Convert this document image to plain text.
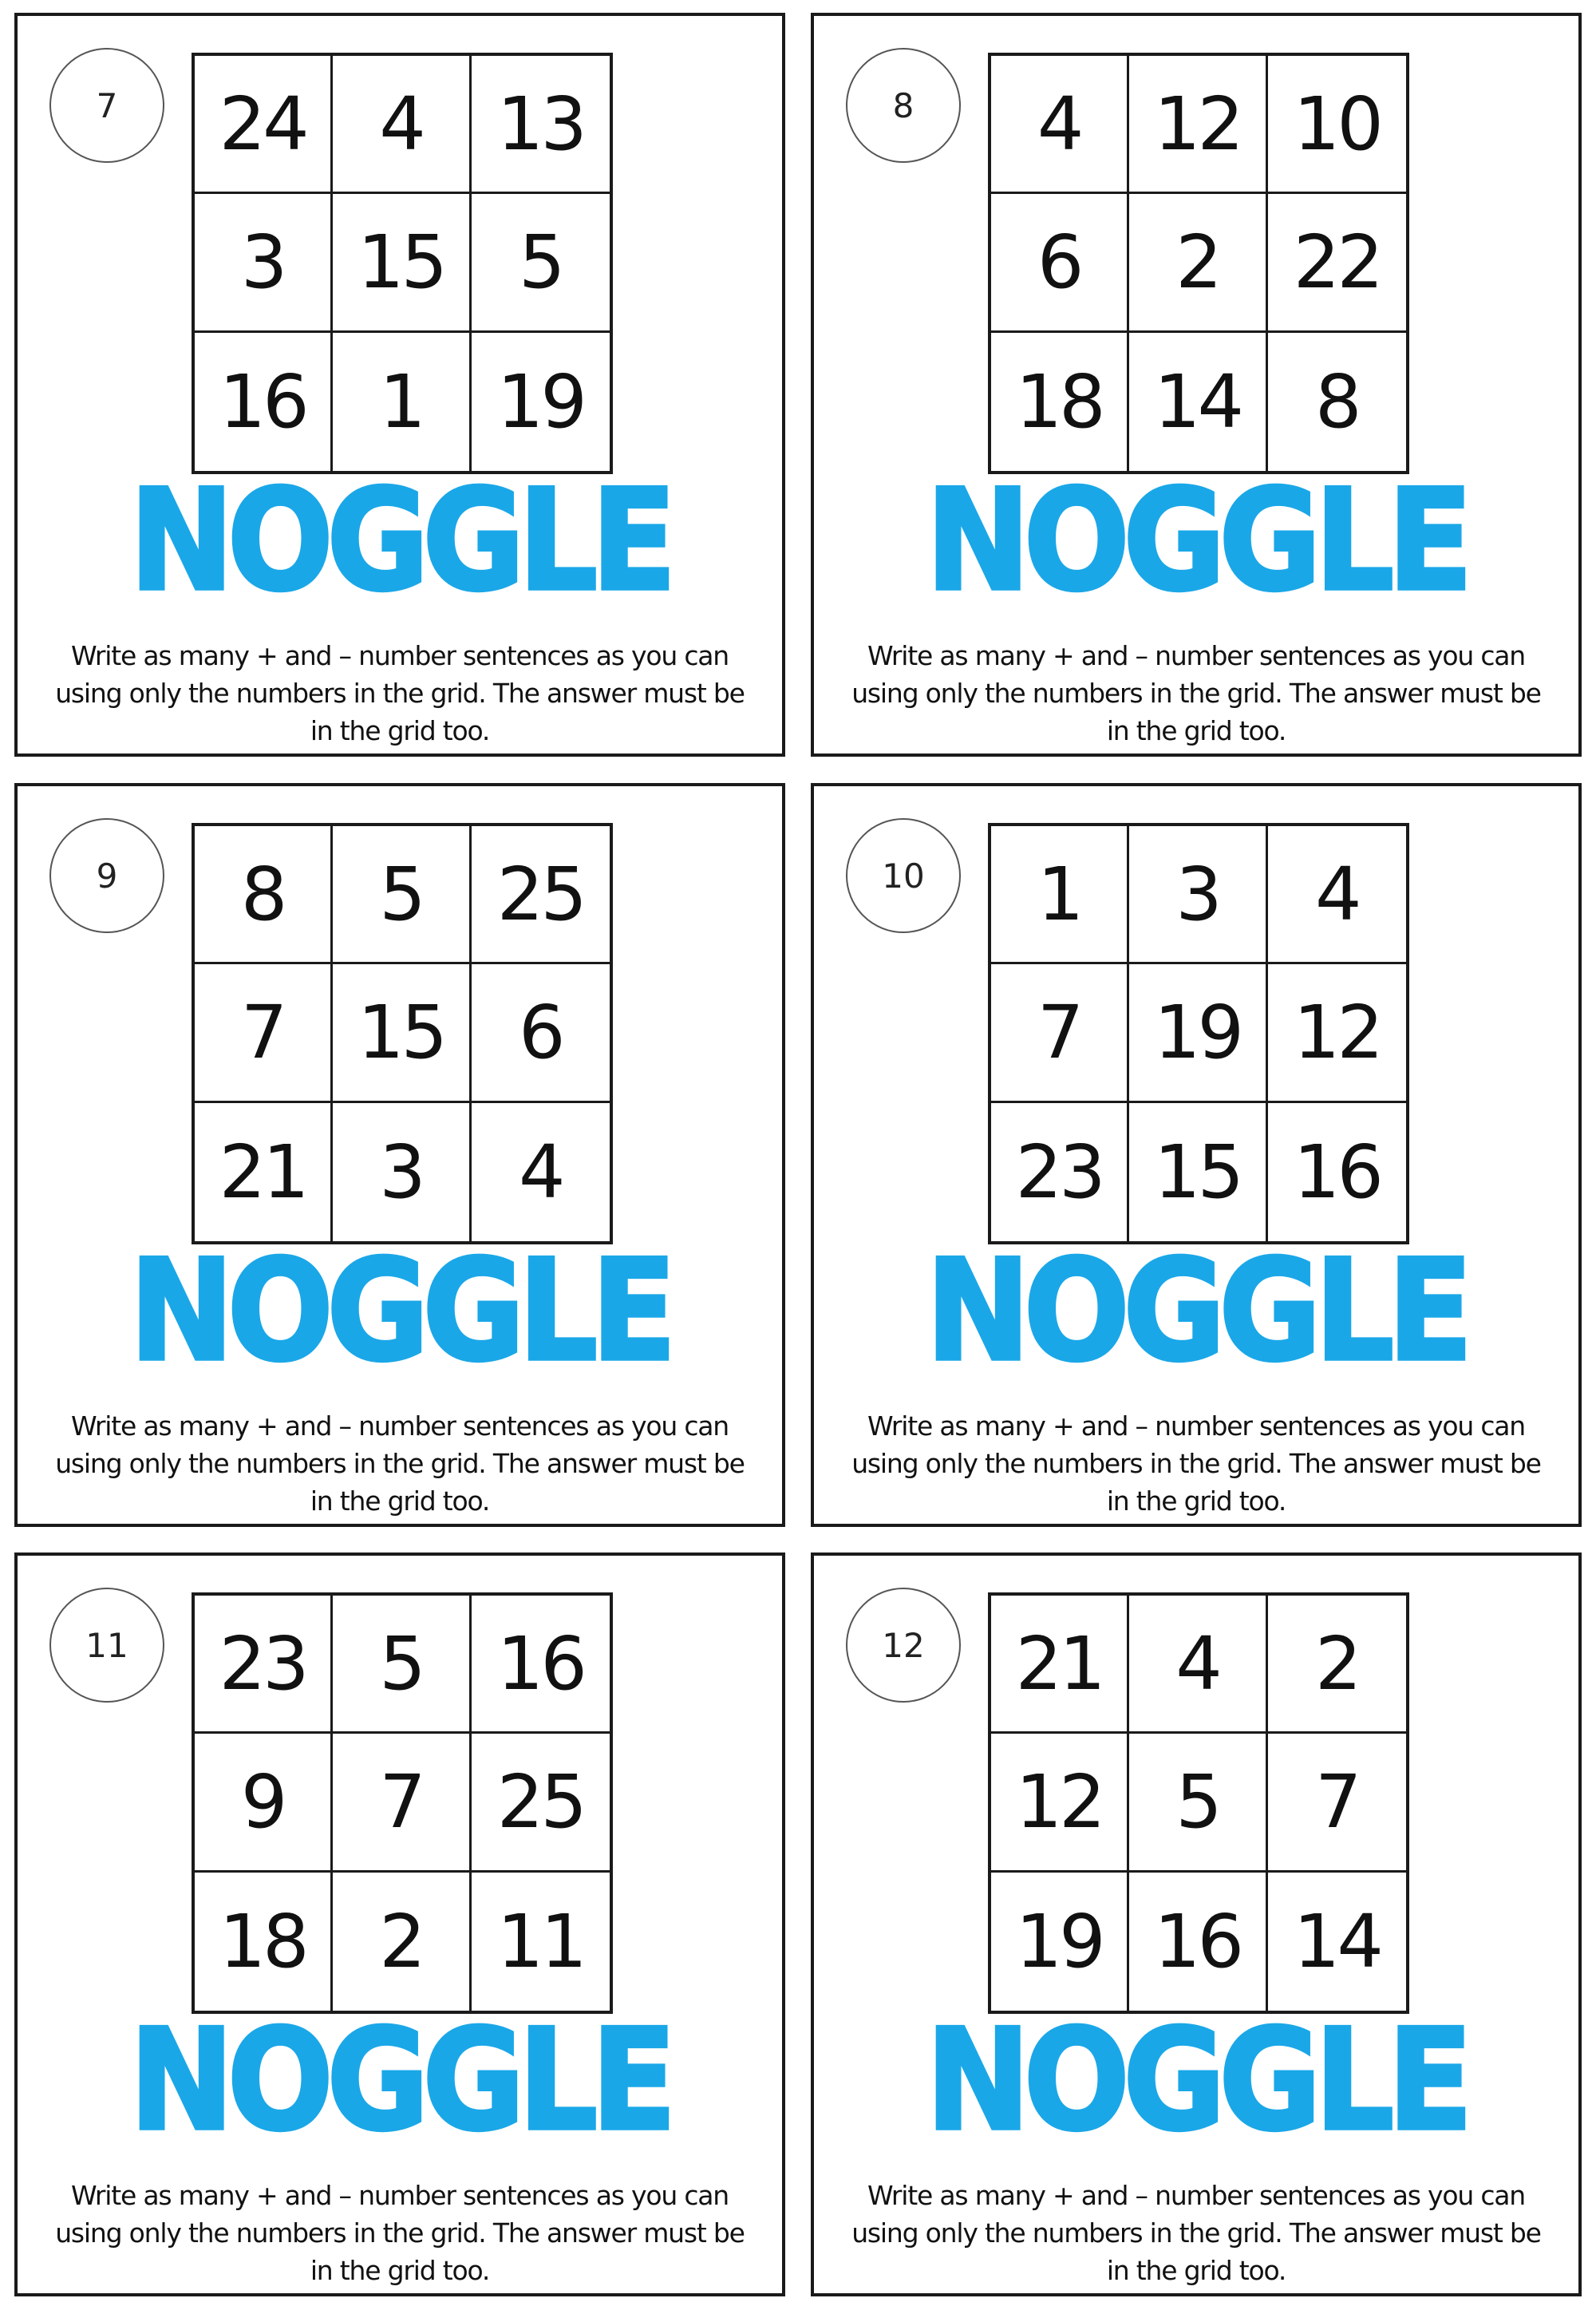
7	24 4	13
3 15	5
16 1	19
NOGGLE
Write as many + and – number sentences as you can using only the numbers in the grid. The answer must be in the grid too.
8	4 12 10
6	2	22
18 14	8
NOGGLE
Write as many + and – number sentences as you can using only the numbers in the grid. The answer must be in the grid too.
9	8	5	25
7 15	6
21 3	4
NOGGLE
Write as many + and – number sentences as you can using only the numbers in the grid. The answer must be in the grid too.
10	1	3	4
7 19 12
23 15 16
NOGGLE
Write as many + and – number sentences as you can using only the numbers in the grid. The answer must be in the grid too.
11	23 5	16
9	7	25
18 2	11
NOGGLE
Write as many + and – number sentences as you can using only the numbers in the grid. The answer must be in the grid too.
12	21 4	2
12 5	7
19 16 14
NOGGLE
Write as many + and – number sentences as you can using only the numbers in the grid. The answer must be in the grid too.
